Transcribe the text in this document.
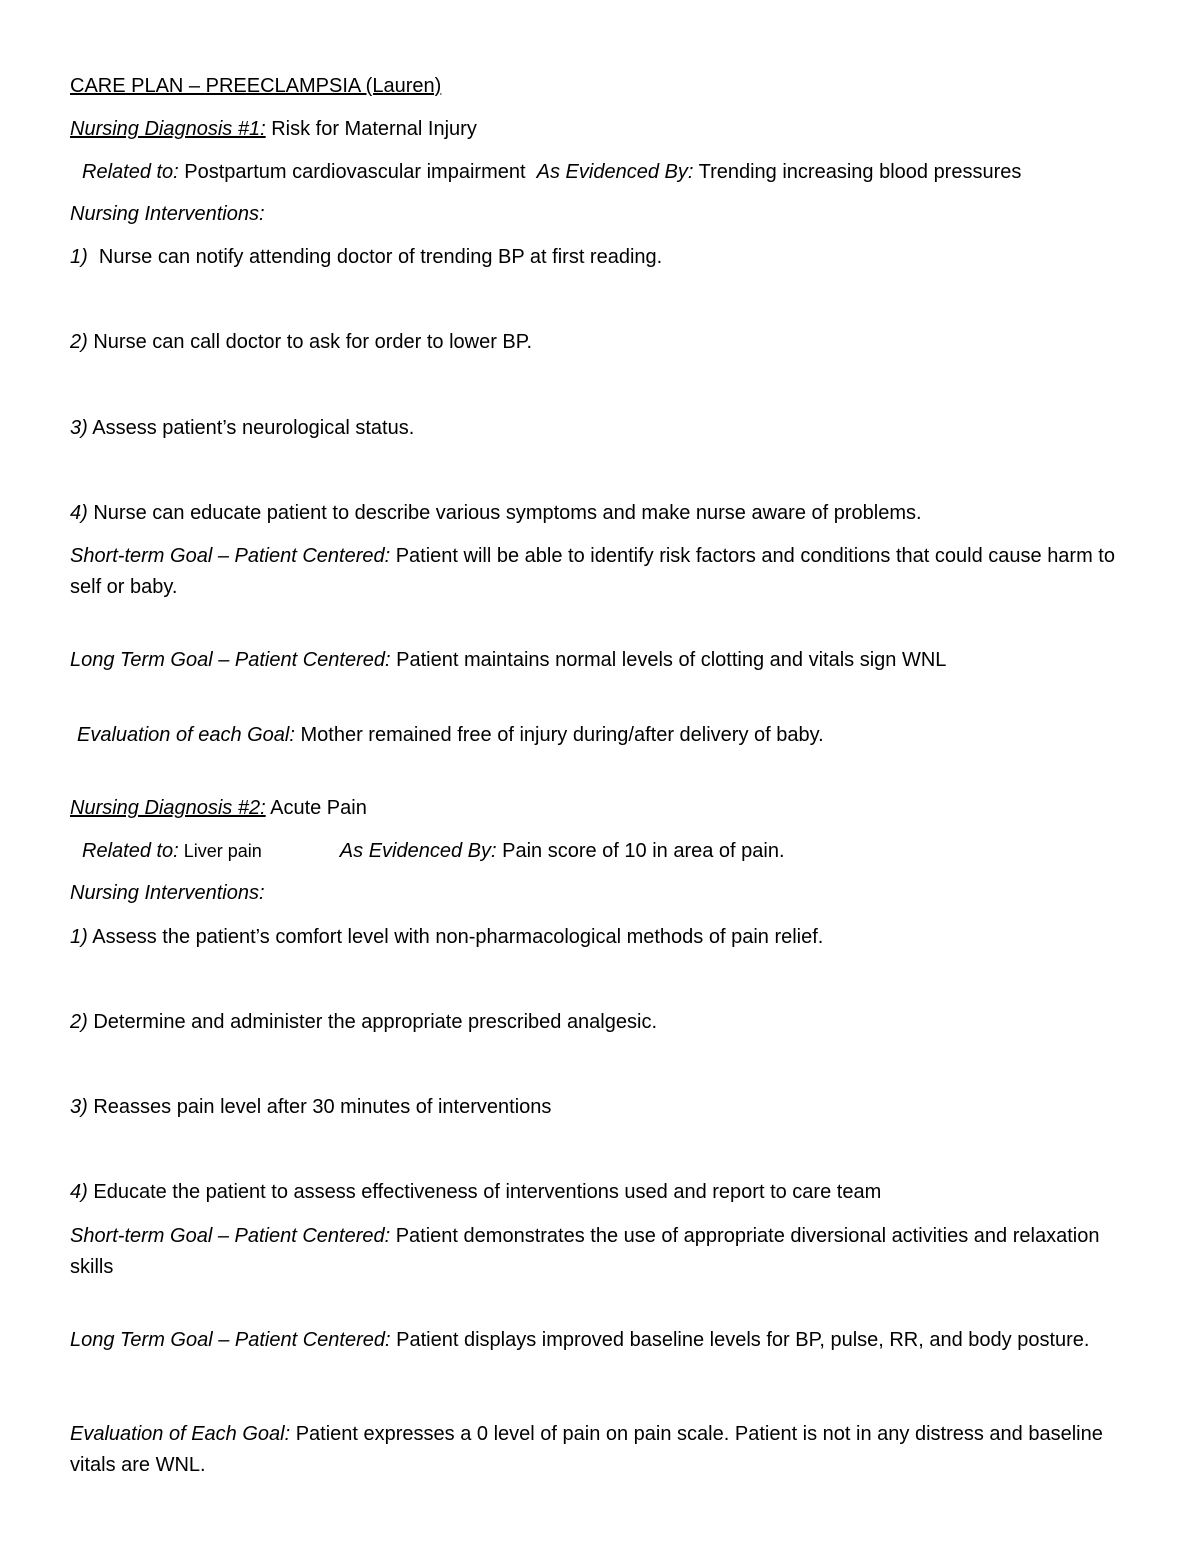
CARE PLAN – PREECLAMPSIA (Lauren)
Nursing Diagnosis #1: Risk for Maternal Injury
Related to: Postpartum cardiovascular impairment As Evidenced By: Trending increasing blood pressures
Nursing Interventions:
1)  Nurse can notify attending doctor of trending BP at first reading.
2) Nurse can call doctor to ask for order to lower BP.
3) Assess patient’s neurological status.
4) Nurse can educate patient to describe various symptoms and make nurse aware of problems.
Short-term Goal – Patient Centered: Patient will be able to identify risk factors and conditions that could cause harm to self or baby.
Long Term Goal – Patient Centered: Patient maintains normal levels of clotting and vitals sign WNL
Evaluation of each Goal: Mother remained free of injury during/after delivery of baby.
Nursing Diagnosis #2: Acute Pain
Related to: Liver pain	As Evidenced By: Pain score of 10 in area of pain.
Nursing Interventions:
1) Assess the patient’s comfort level with non-pharmacological methods of pain relief.
2) Determine and administer the appropriate prescribed analgesic.
3) Reasses pain level after 30 minutes of interventions
4) Educate the patient to assess effectiveness of interventions used and report to care team
Short-term Goal – Patient Centered: Patient demonstrates the use of appropriate diversional activities and relaxation skills
Long Term Goal – Patient Centered: Patient displays improved baseline levels for BP, pulse, RR, and body posture.
Evaluation of Each Goal: Patient expresses a 0 level of pain on pain scale. Patient is not in any distress and baseline vitals are WNL.
